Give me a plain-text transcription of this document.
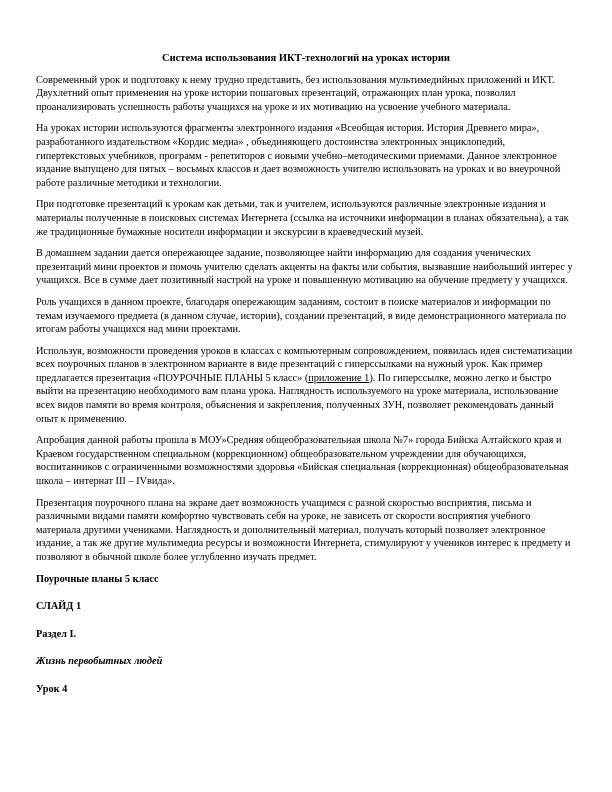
Система использования ИКТ-технологий на уроках истории

Современный урок и подготовку к нему трудно представить, без использования мультимедийных приложений и ИКТ. Двухлетний опыт применения на уроке истории пошаговых презентаций, отражающих план урока, позволил проанализировать успешность работы учащихся на уроке и их мотивацию на усвоение учебного материала.

На уроках истории используются фрагменты электронного издания «Всеобщая история. История Древнего мира», разработанного издательством «Кордис медиа» , объединяющего достоинства электронных энциклопедий, гипертекстовых учебников, программ - репетиторов с новыми учебно–методическими приемами. Данное электронное издание выпущено для пятых – восьмых классов и дает возможность учителю использовать на уроках и во внеурочной работе различные методики и технологии.

При подготовке презентаций к урокам как детьми, так и учителем, используются различные электронные издания и материалы полученные в поисковых системах Интернета (ссылка на источники информации в планах обязательна), а так же традиционные бумажные носители информации и экскурсии в краеведческий музей.

В домашнем задании дается опережающее задание, позволяющее найти информацию для создания ученических презентаций мини проектов и помочь учителю сделать акценты на факты или события, вызвавшие наибольший интерес у учащихся. Все в сумме дает позитивный настрой на уроке и повышенную мотивацию на обучение предмету у учащихся.

Роль учащихся в данном проекте, благодаря опережающим заданиям, состоит в поиске материалов и информации по темам изучаемого предмета (в данном случае, истории), создании презентаций, в виде демонстрационного материала по итогам работы учащихся над мини проектами.

Используя, возможности проведения уроков в классах с компьютерным сопровождением, появилась идея систематизации всех поурочных планов в электронном варианте в виде презентаций с гиперссылками на нужный урок. Как пример предлагается презентация «ПОУРОЧНЫЕ ПЛАНЫ 5 класс» (приложение 1). По гиперссылке, можно легко и быстро выйти на презентацию необходимого вам плана урока. Наглядность используемого на уроке материала, использование всех видов памяти во время контроля, объяснения и закрепления, полученных ЗУН, позволяет рекомендовать данный опыт к применению.

Апробация данной работы прошла в МОУ»Средняя общеобразовательная школа №7» города Бийска Алтайского края и Краевом государственном специальном (коррекционном) общеобразовательном учреждении для обучающихся, воспитанников с ограниченными возможностями здоровья «Бийская специальная (коррекционная) общеобразовательная школа – интернат III – IVвида».

Презентация поурочного плана на экране дает возможность учащимся с разной скоростью восприятия, письма и различными видами памяти комфортно чувствовать себя на уроке, не зависеть от скорости восприятия учебного материала другими учениками. Наглядность и дополнительный материал, получать который позволяет электронное издание, а так же другие мультимедиа ресурсы и возможности Интернета, стимулируют у учеников интерес к предмету и позволяют в обычной школе более углубленно изучать предмет.

Поурочные планы 5 класс
СЛАЙД 1
Раздел I.
Жизнь первобытных людей
Урок 4
